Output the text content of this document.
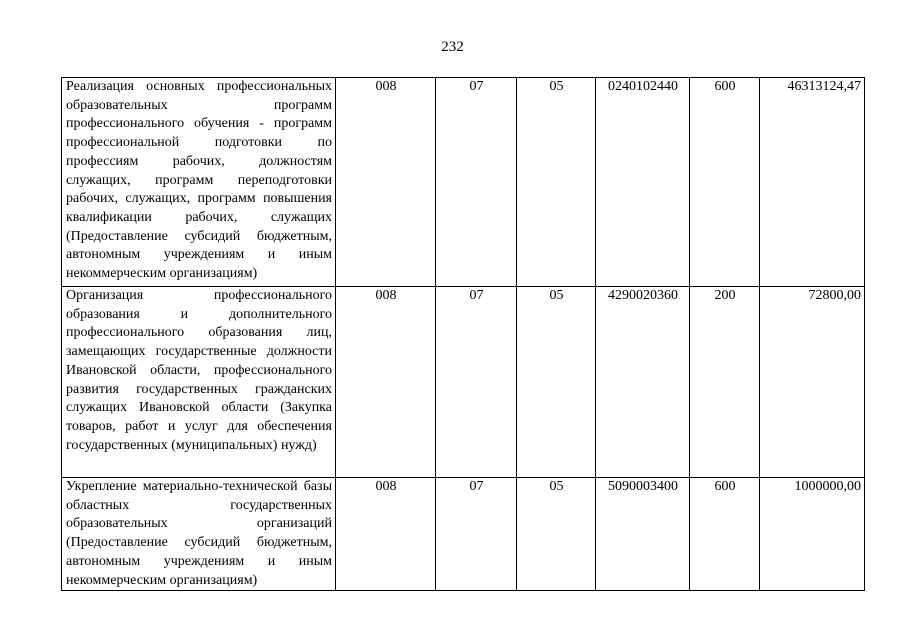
232
Реализация основных профессиональных образовательных программ профессионального обучения - программ профессиональной подготовки по профессиям рабочих, должностям служащих, программ переподготовки рабочих, служащих, программ повышения квалификации рабочих, служащих (Предоставление субсидий бюджетным, автономным учреждениям и иным некоммерческим организациям)	008	07	05	0240102440	600	46313124,47
Организация профессионального образования и дополнительного профессионального образования лиц, замещающих государственные должности Ивановской области, профессионального развития государственных гражданских служащих Ивановской области (Закупка товаров, работ и услуг для обеспечения государственных (муниципальных) нужд)	008	07	05	4290020360	200	72800,00
Укрепление материально-технической базы областных государственных образовательных организаций (Предоставление субсидий бюджетным, автономным учреждениям и иным некоммерческим организациям)	008	07	05	5090003400	600	1000000,00
